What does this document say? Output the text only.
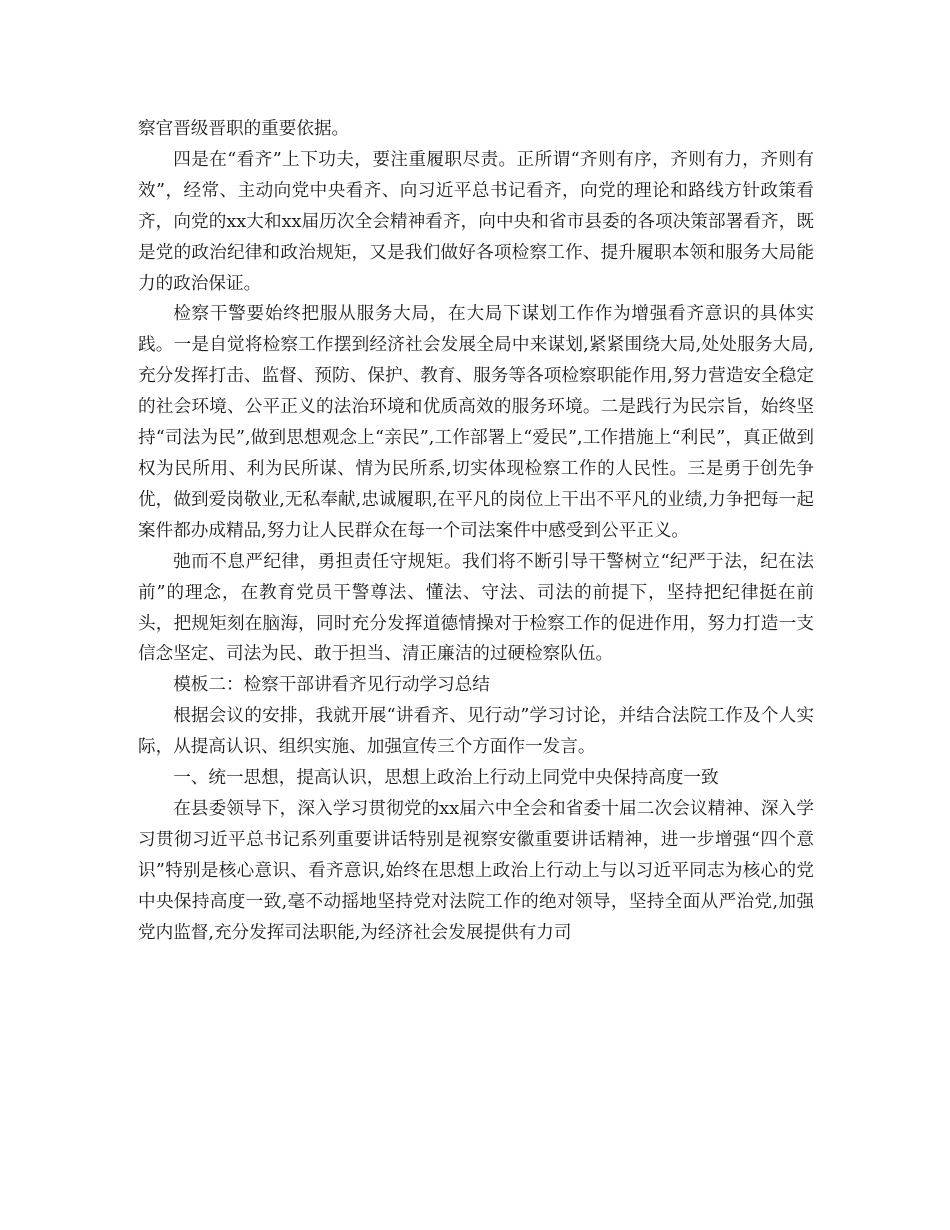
察官晋级晋职的重要依据。

四是在“看齐”上下功夫，要注重履职尽责。正所谓“齐则有序，齐则有力，齐则有效”，经常、主动向党中央看齐、向习近平总书记看齐，向党的理论和路线方针政策看齐，向党的xx大和xx届历次全会精神看齐，向中央和省市县委的各项决策部署看齐，既是党的政治纪律和政治规矩，又是我们做好各项检察工作、提升履职本领和服务大局能力的政治保证。

检察干警要始终把服从服务大局，在大局下谋划工作作为增强看齐意识的具体实践。一是自觉将检察工作摆到经济社会发展全局中来谋划,紧紧围绕大局,处处服务大局,充分发挥打击、监督、预防、保护、教育、服务等各项检察职能作用,努力营造安全稳定的社会环境、公平正义的法治环境和优质高效的服务环境。二是践行为民宗旨，始终坚持“司法为民”,做到思想观念上“亲民”,工作部署上“爱民”,工作措施上“利民”，真正做到权为民所用、利为民所谋、情为民所系,切实体现检察工作的人民性。三是勇于创先争优，做到爱岗敬业,无私奉献,忠诚履职,在平凡的岗位上干出不平凡的业绩,力争把每一起案件都办成精品,努力让人民群众在每一个司法案件中感受到公平正义。

弛而不息严纪律，勇担责任守规矩。我们将不断引导干警树立“纪严于法，纪在法前”的理念，在教育党员干警尊法、懂法、守法、司法的前提下，坚持把纪律挺在前头，把规矩刻在脑海，同时充分发挥道德情操对于检察工作的促进作用，努力打造一支信念坚定、司法为民、敢于担当、清正廉洁的过硬检察队伍。

模板二：检察干部讲看齐见行动学习总结

根据会议的安排，我就开展“讲看齐、见行动”学习讨论，并结合法院工作及个人实际，从提高认识、组织实施、加强宣传三个方面作一发言。

一、统一思想，提高认识，思想上政治上行动上同党中央保持高度一致

在县委领导下，深入学习贯彻党的xx届六中全会和省委十届二次会议精神、深入学习贯彻习近平总书记系列重要讲话特别是视察安徽重要讲话精神，进一步增强“四个意识”特别是核心意识、看齐意识,始终在思想上政治上行动上与以习近平同志为核心的党中央保持高度一致,毫不动摇地坚持党对法院工作的绝对领导，坚持全面从严治党,加强党内监督,充分发挥司法职能,为经济社会发展提供有力司
